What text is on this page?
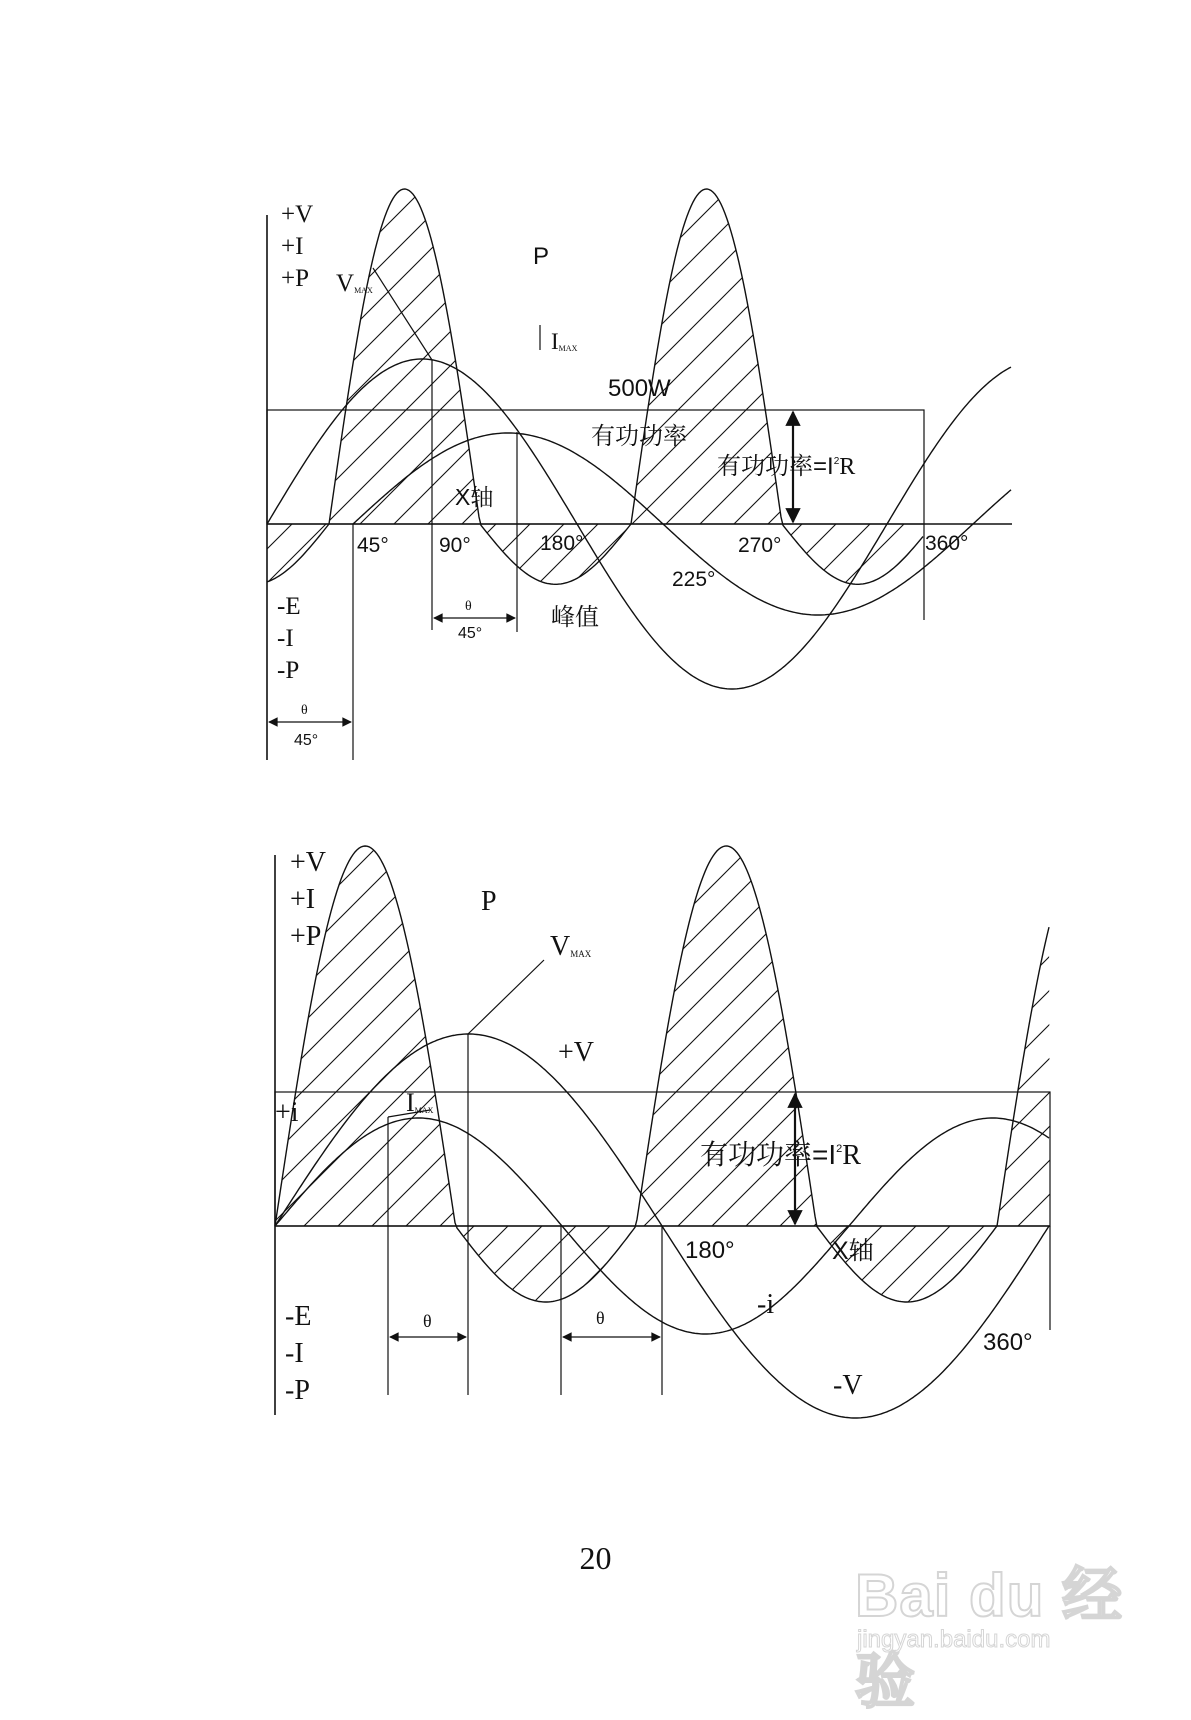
+V
+I
+P VMAX
P
IMAX
500W
有功功率
有功功率$=I^2R$
X轴
45° 90°	180°	270°	360°
225°
-E
-I
-P
峰值
θ
45°
θ
45°
+V
+I
+P
P
VMAX
+V
+i	IMAX
有功功率$=I^2R$
180°	X轴
-i
360°
-E
-I
-P	-V
θ	θ
20
Bai du 经验
jingyan.baidu.com
